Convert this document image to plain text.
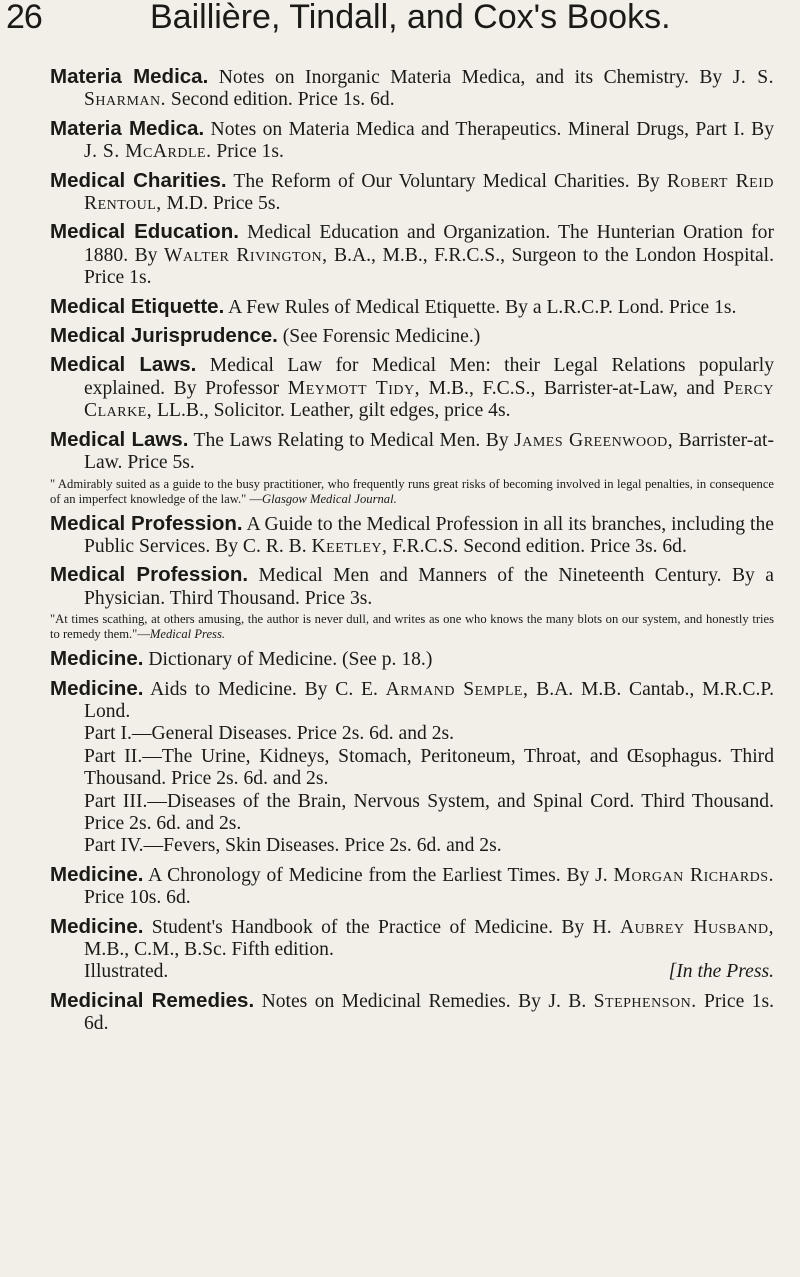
26	Baillière, Tindall, and Cox's Books.

Materia Medica. Notes on Inorganic Materia Medica, and its Chemistry. By J. S. Sharman. Second edition. Price 1s. 6d.

Materia Medica. Notes on Materia Medica and Therapeutics. Mineral Drugs, Part I. By J. S. McArdle. Price 1s.

Medical Charities. The Reform of Our Voluntary Medical Charities. By Robert Reid Rentoul, M.D. Price 5s.

Medical Education. Medical Education and Organization. The Hunterian Oration for 1880. By Walter Rivington, B.A., M.B., F.R.C.S., Surgeon to the London Hospital. Price 1s.

Medical Etiquette. A Few Rules of Medical Etiquette. By a L.R.C.P. Lond. Price 1s.

Medical Jurisprudence. (See Forensic Medicine.)

Medical Laws. Medical Law for Medical Men: their Legal Relations popularly explained. By Professor Meymott Tidy, M.B., F.C.S., Barrister-at-Law, and Percy Clarke, LL.B., Solicitor. Leather, gilt edges, price 4s.

Medical Laws. The Laws Relating to Medical Men. By James Greenwood, Barrister-at-Law. Price 5s.

" Admirably suited as a guide to the busy practitioner, who frequently runs great risks of becoming involved in legal penalties, in consequence of an imperfect knowledge of the law." —Glasgow Medical Journal.

Medical Profession. A Guide to the Medical Profession in all its branches, including the Public Services. By C. R. B. Keetley, F.R.C.S. Second edition. Price 3s. 6d.

Medical Profession. Medical Men and Manners of the Nineteenth Century. By a Physician. Third Thousand. Price 3s.

"At times scathing, at others amusing, the author is never dull, and writes as one who knows the many blots on our system, and honestly tries to remedy them."—Medical Press.

Medicine. Dictionary of Medicine. (See p. 18.)

Medicine. Aids to Medicine. By C. E. Armand Semple, B.A. M.B. Cantab., M.R.C.P. Lond.

Part I.—General Diseases. Price 2s. 6d. and 2s.

Part II.—The Urine, Kidneys, Stomach, Peritoneum, Throat, and Œsophagus. Third Thousand. Price 2s. 6d. and 2s.

Part III.—Diseases of the Brain, Nervous System, and Spinal Cord. Third Thousand. Price 2s. 6d. and 2s.

Part IV.—Fevers, Skin Diseases. Price 2s. 6d. and 2s.

Medicine. A Chronology of Medicine from the Earliest Times. By J. Morgan Richards. Price 10s. 6d.

Medicine. Student's Handbook of the Practice of Medicine. By H. Aubrey Husband, M.B., C.M., B.Sc. Fifth edition.

Illustrated.	[In the Press.

Medicinal Remedies. Notes on Medicinal Remedies. By J. B. Stephenson. Price 1s. 6d.
